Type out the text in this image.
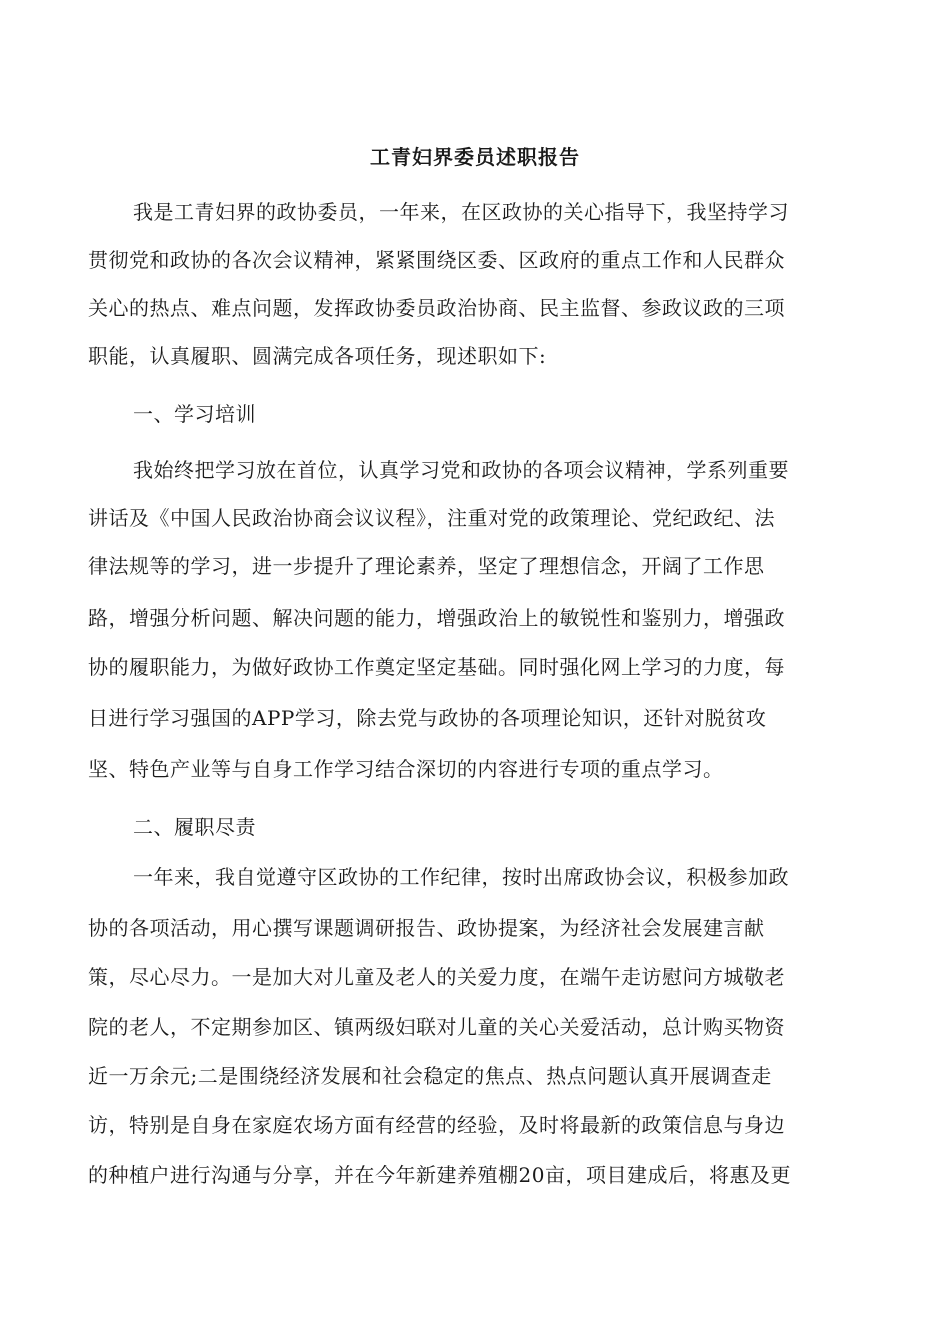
工青妇界委员述职报告
我是工青妇界的政协委员，一年来，在区政协的关心指导下，我坚持学习
贯彻党和政协的各次会议精神，紧紧围绕区委、区政府的重点工作和人民群众
关心的热点、难点问题，发挥政协委员政治协商、民主监督、参政议政的三项
职能，认真履职、圆满完成各项任务，现述职如下:
一、学习培训
我始终把学习放在首位，认真学习党和政协的各项会议精神，学系列重要
讲话及《中国人民政治协商会议议程》，注重对党的政策理论、党纪政纪、法
律法规等的学习，进一步提升了理论素养，坚定了理想信念，开阔了工作思
路，增强分析问题、解决问题的能力，增强政治上的敏锐性和鉴别力，增强政
协的履职能力，为做好政协工作奠定坚定基础。同时强化网上学习的力度，每
日进行学习强国的APP学习，除去党与政协的各项理论知识，还针对脱贫攻
坚、特色产业等与自身工作学习结合深切的内容进行专项的重点学习。
二、履职尽责
一年来，我自觉遵守区政协的工作纪律，按时出席政协会议，积极参加政
协的各项活动，用心撰写课题调研报告、政协提案，为经济社会发展建言献
策，尽心尽力。一是加大对儿童及老人的关爱力度，在端午走访慰问方城敬老
院的老人，不定期参加区、镇两级妇联对儿童的关心关爱活动，总计购买物资
近一万余元;二是围绕经济发展和社会稳定的焦点、热点问题认真开展调查走
访，特别是自身在家庭农场方面有经营的经验，及时将最新的政策信息与身边
的种植户进行沟通与分享，并在今年新建养殖棚20亩，项目建成后，将惠及更
